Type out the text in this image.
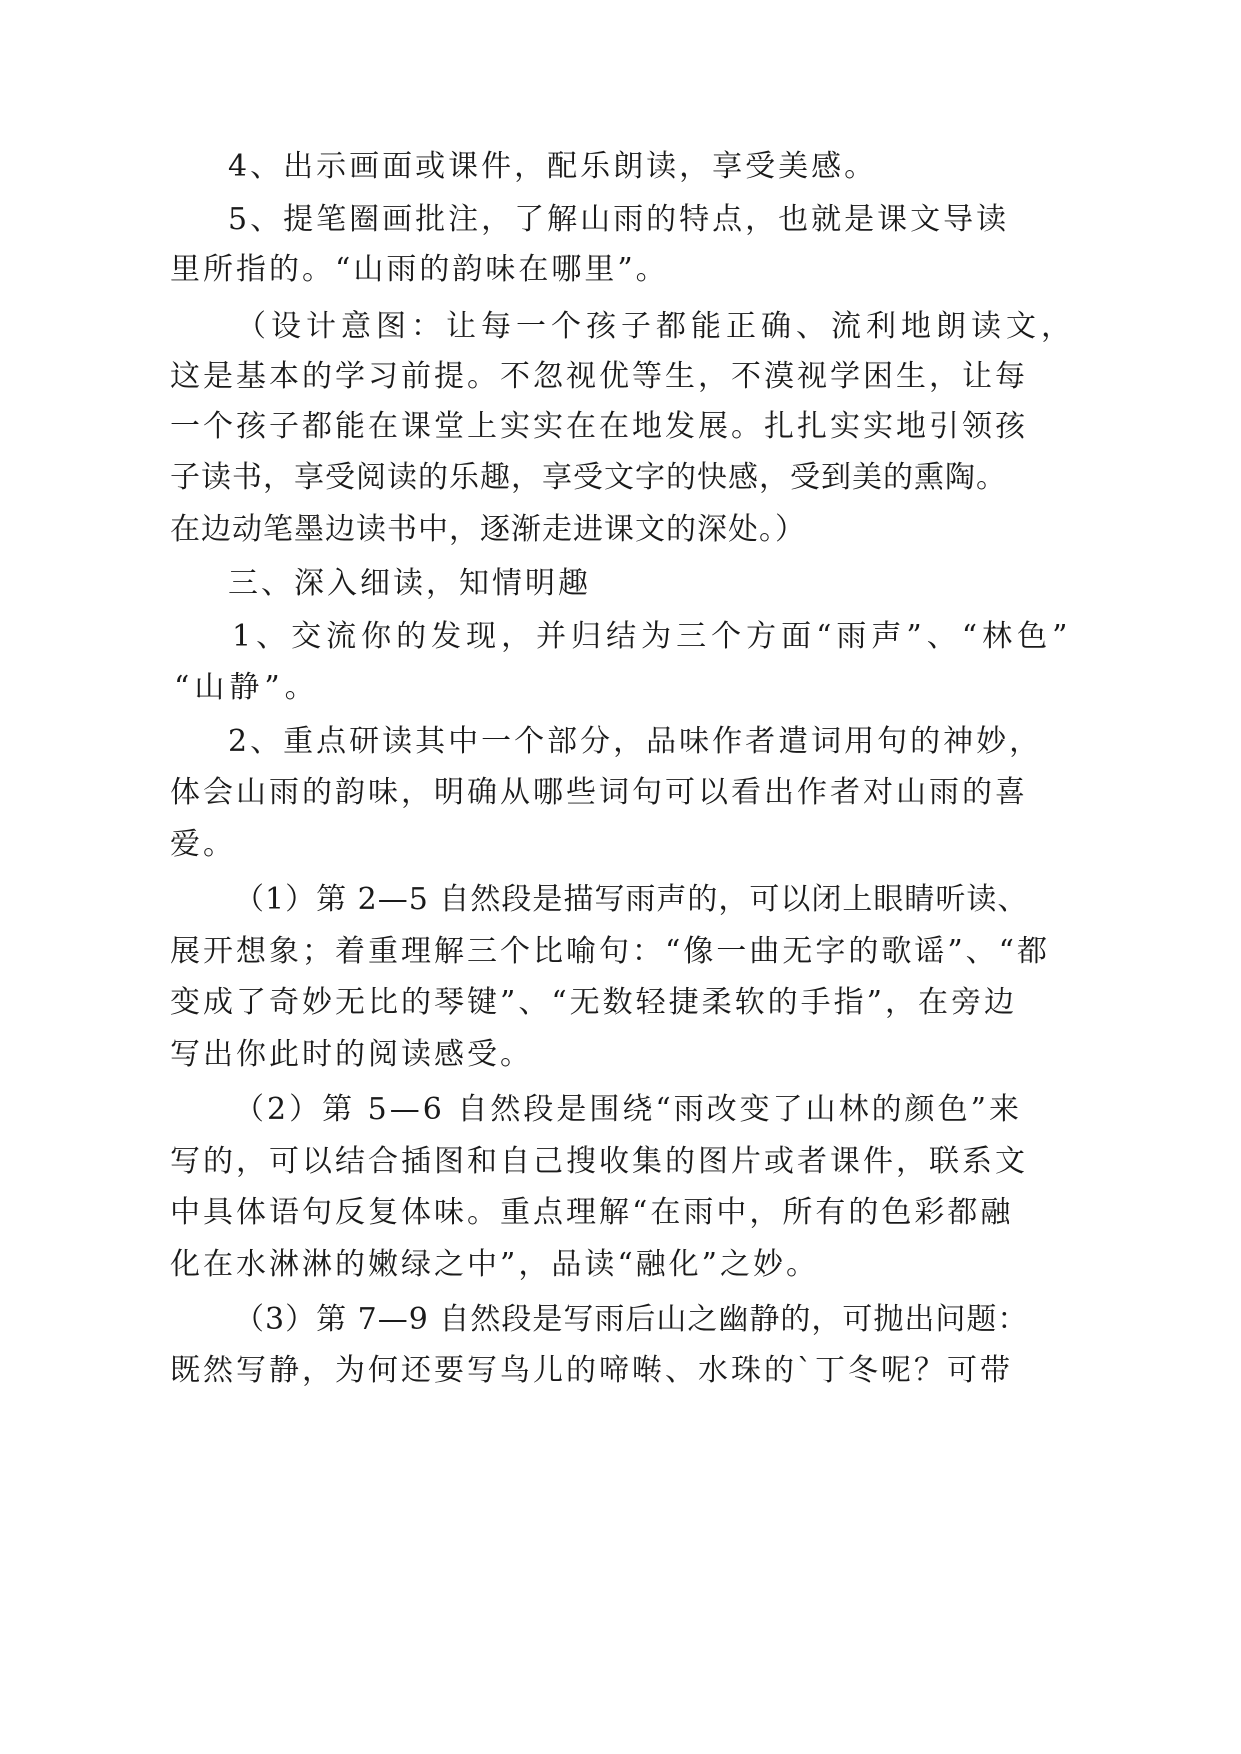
4、出示画面或课件，配乐朗读，享受美感。
5、提笔圈画批注，了解山雨的特点，也就是课文导读
里所指的。“山雨的韵味在哪里”。
（设计意图：让每一个孩子都能正确、流利地朗读文，
这是基本的学习前提。不忽视优等生，不漠视学困生，让每
一个孩子都能在课堂上实实在在地发展。扎扎实实地引领孩
子读书，享受阅读的乐趣，享受文字的快感，受到美的熏陶。
在边动笔墨边读书中，逐渐走进课文的深处。）
三、深入细读，知情明趣
1、交流你的发现，并归结为三个方面“雨声”、“林色”
“山静”。
2、重点研读其中一个部分，品味作者遣词用句的神妙，
体会山雨的韵味，明确从哪些词句可以看出作者对山雨的喜
爱。
（1）第 2—5 自然段是描写雨声的，可以闭上眼睛听读、
展开想象；着重理解三个比喻句：“像一曲无字的歌谣”、“都
变成了奇妙无比的琴键”、“无数轻捷柔软的手指”，在旁边
写出你此时的阅读感受。
（2）第 5—6 自然段是围绕“雨改变了山林的颜色”来
写的，可以结合插图和自己搜收集的图片或者课件，联系文
中具体语句反复体味。重点理解“在雨中，所有的色彩都融
化在水淋淋的嫩绿之中”，品读“融化”之妙。
（3）第 7—9 自然段是写雨后山之幽静的，可抛出问题：
既然写静，为何还要写鸟儿的啼啭、水珠的`丁冬呢？可带
